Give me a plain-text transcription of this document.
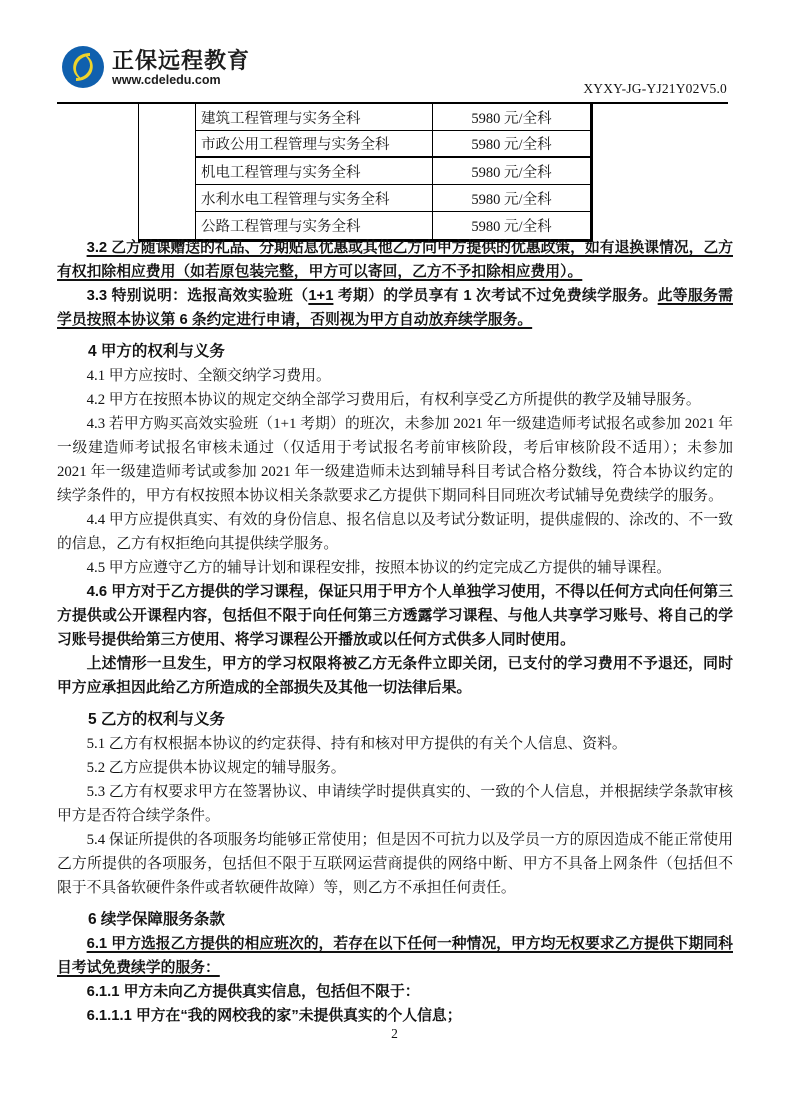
正保远程教育
www.cdeledu.com
XYXY-JG-YJ21Y02V5.0
建筑工程管理与实务全科	5980 元/全科
市政公用工程管理与实务全科	5980 元/全科
机电工程管理与实务全科	5980 元/全科
水利水电工程管理与实务全科	5980 元/全科
公路工程管理与实务全科	5980 元/全科

3.2 乙方随课赠送的礼品、分期贴息优惠或其他乙方向甲方提供的优惠政策，如有退换课情况，乙方有权扣除相应费用（如若原包装完整，甲方可以寄回，乙方不予扣除相应费用）。

3.3 特别说明：选报高效实验班（1+1 考期）的学员享有 1 次考试不过免费续学服务。此等服务需学员按照本协议第 6 条约定进行申请，否则视为甲方自动放弃续学服务。

4 甲方的权利与义务

4.1 甲方应按时、全额交纳学习费用。

4.2 甲方在按照本协议的规定交纳全部学习费用后，有权利享受乙方所提供的教学及辅导服务。

4.3 若甲方购买高效实验班（1+1 考期）的班次，未参加 2021 年一级建造师考试报名或参加 2021 年一级建造师考试报名审核未通过（仅适用于考试报名考前审核阶段，考后审核阶段不适用）；未参加 2021 年一级建造师考试或参加 2021 年一级建造师未达到辅导科目考试合格分数线，符合本协议约定的续学条件的，甲方有权按照本协议相关条款要求乙方提供下期同科目同班次考试辅导免费续学的服务。

4.4 甲方应提供真实、有效的身份信息、报名信息以及考试分数证明，提供虚假的、涂改的、不一致的信息，乙方有权拒绝向其提供续学服务。

4.5 甲方应遵守乙方的辅导计划和课程安排，按照本协议的约定完成乙方提供的辅导课程。

4.6 甲方对于乙方提供的学习课程，保证只用于甲方个人单独学习使用，不得以任何方式向任何第三方提供或公开课程内容，包括但不限于向任何第三方透露学习课程、与他人共享学习账号、将自己的学习账号提供给第三方使用、将学习课程公开播放或以任何方式供多人同时使用。

上述情形一旦发生，甲方的学习权限将被乙方无条件立即关闭，已支付的学习费用不予退还，同时甲方应承担因此给乙方所造成的全部损失及其他一切法律后果。

5 乙方的权利与义务

5.1 乙方有权根据本协议的约定获得、持有和核对甲方提供的有关个人信息、资料。

5.2 乙方应提供本协议规定的辅导服务。

5.3 乙方有权要求甲方在签署协议、申请续学时提供真实的、一致的个人信息，并根据续学条款审核甲方是否符合续学条件。

5.4 保证所提供的各项服务均能够正常使用；但是因不可抗力以及学员一方的原因造成不能正常使用乙方所提供的各项服务，包括但不限于互联网运营商提供的网络中断、甲方不具备上网条件（包括但不限于不具备软硬件条件或者软硬件故障）等，则乙方不承担任何责任。

6 续学保障服务条款

6.1 甲方选报乙方提供的相应班次的，若存在以下任何一种情况，甲方均无权要求乙方提供下期同科目考试免费续学的服务：

6.1.1 甲方未向乙方提供真实信息，包括但不限于：

6.1.1.1 甲方在“我的网校我的家”未提供真实的个人信息；

2
